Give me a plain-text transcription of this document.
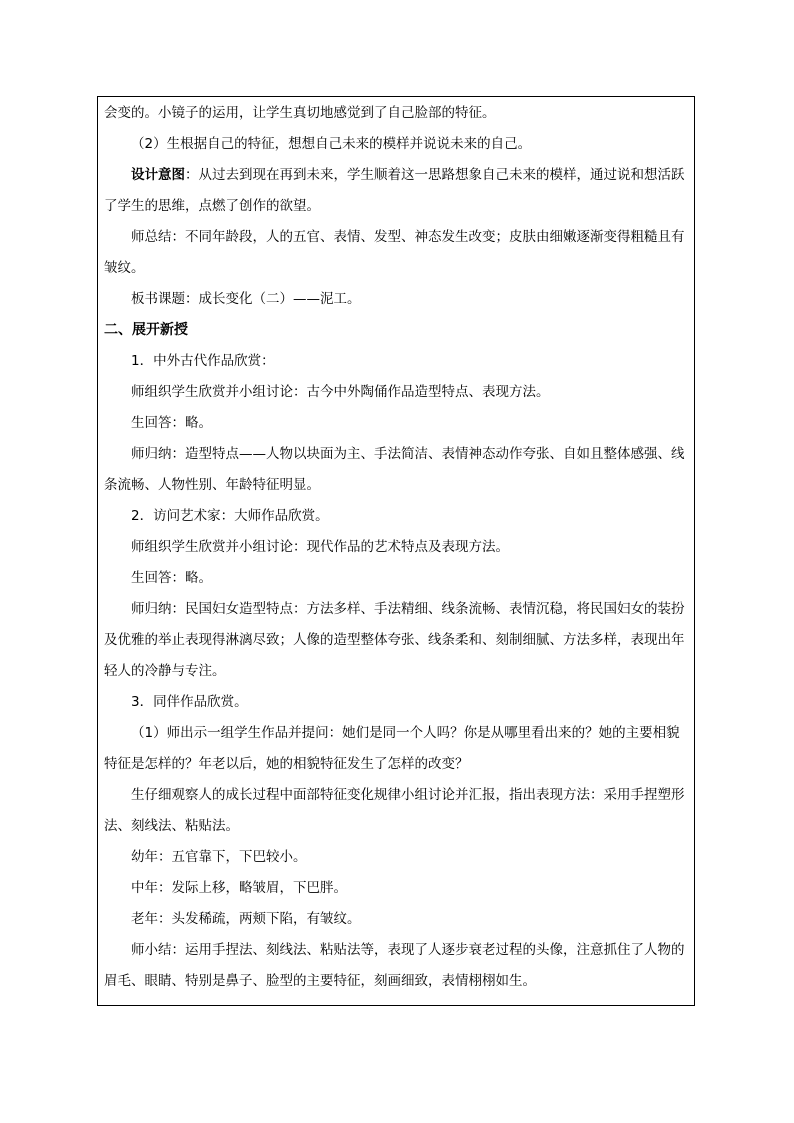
会变的。小镜子的运用，让学生真切地感觉到了自己脸部的特征。

（2）生根据自己的特征，想想自己未来的模样并说说未来的自己。

设计意图：从过去到现在再到未来，学生顺着这一思路想象自己未来的模样，通过说和想活跃了学生的思维，点燃了创作的欲望。

师总结：不同年龄段，人的五官、表情、发型、神态发生改变；皮肤由细嫩逐渐变得粗糙且有皱纹。

板书课题：成长变化（二）——泥工。

二、展开新授

1．中外古代作品欣赏：

师组织学生欣赏并小组讨论：古今中外陶俑作品造型特点、表现方法。

生回答：略。

师归纳：造型特点——人物以块面为主、手法简洁、表情神态动作夸张、自如且整体感强、线条流畅、人物性别、年龄特征明显。

2．访问艺术家：大师作品欣赏。

师组织学生欣赏并小组讨论：现代作品的艺术特点及表现方法。

生回答：略。

师归纳：民国妇女造型特点：方法多样、手法精细、线条流畅、表情沉稳，将民国妇女的装扮及优雅的举止表现得淋漓尽致；人像的造型整体夸张、线条柔和、刻制细腻、方法多样，表现出年轻人的冷静与专注。

3．同伴作品欣赏。

（1）师出示一组学生作品并提问：她们是同一个人吗？你是从哪里看出来的？她的主要相貌特征是怎样的？年老以后，她的相貌特征发生了怎样的改变？

生仔细观察人的成长过程中面部特征变化规律小组讨论并汇报，指出表现方法：采用手捏塑形法、刻线法、粘贴法。

幼年：五官靠下，下巴较小。

中年：发际上移，略皱眉，下巴胖。

老年：头发稀疏，两颊下陷，有皱纹。

师小结：运用手捏法、刻线法、粘贴法等，表现了人逐步衰老过程的头像，注意抓住了人物的眉毛、眼睛、特别是鼻子、脸型的主要特征，刻画细致，表情栩栩如生。
